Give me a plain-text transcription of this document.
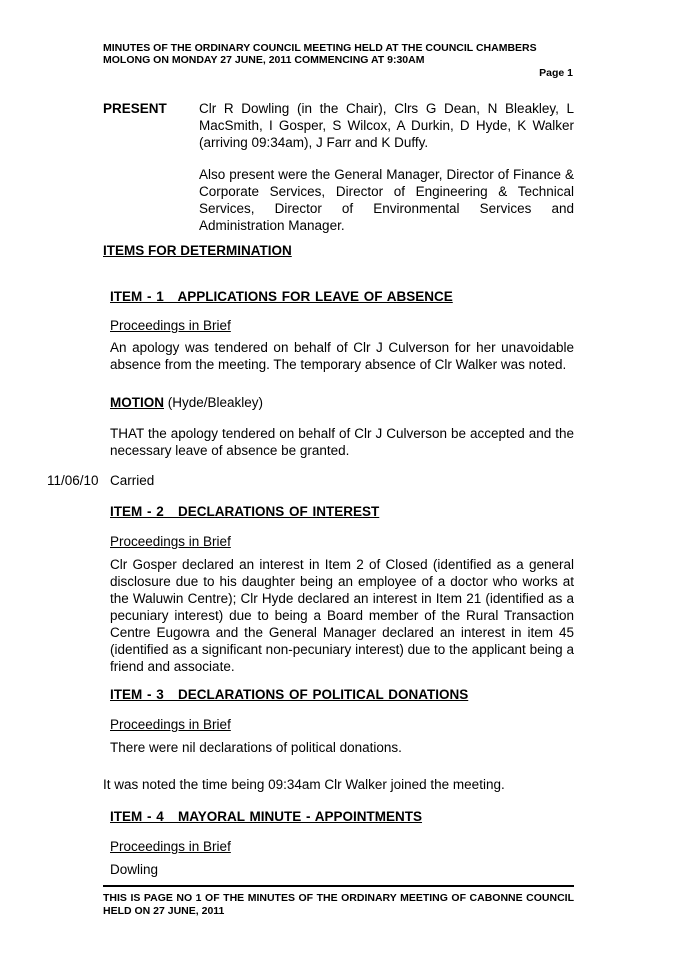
MINUTES OF THE ORDINARY COUNCIL MEETING HELD AT THE COUNCIL CHAMBERS MOLONG ON MONDAY 27 JUNE, 2011 COMMENCING AT 9:30AM
Page 1
PRESENT Clr R Dowling (in the Chair), Clrs G Dean, N Bleakley, L MacSmith, I Gosper, S Wilcox, A Durkin, D Hyde, K Walker (arriving 09:34am), J Farr and K Duffy.
Also present were the General Manager, Director of Finance & Corporate Services, Director of Engineering & Technical Services, Director of Environmental Services and Administration Manager.
ITEMS FOR DETERMINATION
ITEM - 1   APPLICATIONS FOR LEAVE OF ABSENCE
Proceedings in Brief
An apology was tendered on behalf of Clr J Culverson for her unavoidable absence from the meeting. The temporary absence of Clr Walker was noted.
MOTION (Hyde/Bleakley)
THAT the apology tendered on behalf of Clr J Culverson be accepted and the necessary leave of absence be granted.
11/06/10 Carried
ITEM - 2   DECLARATIONS OF INTEREST
Proceedings in Brief
Clr Gosper declared an interest in Item 2 of Closed (identified as a general disclosure due to his daughter being an employee of a doctor who works at the Waluwin Centre); Clr Hyde declared an interest in Item 21 (identified as a pecuniary interest) due to being a Board member of the Rural Transaction Centre Eugowra and the General Manager declared an interest in item 45 (identified as a significant non-pecuniary interest) due to the applicant being a friend and associate.
ITEM - 3   DECLARATIONS OF POLITICAL DONATIONS
Proceedings in Brief
There were nil declarations of political donations.
It was noted the time being 09:34am Clr Walker joined the meeting.
ITEM - 4   MAYORAL MINUTE - APPOINTMENTS
Proceedings in Brief
Dowling
THIS IS PAGE NO 1 OF THE MINUTES OF THE ORDINARY MEETING OF CABONNE COUNCIL HELD ON 27 JUNE, 2011
